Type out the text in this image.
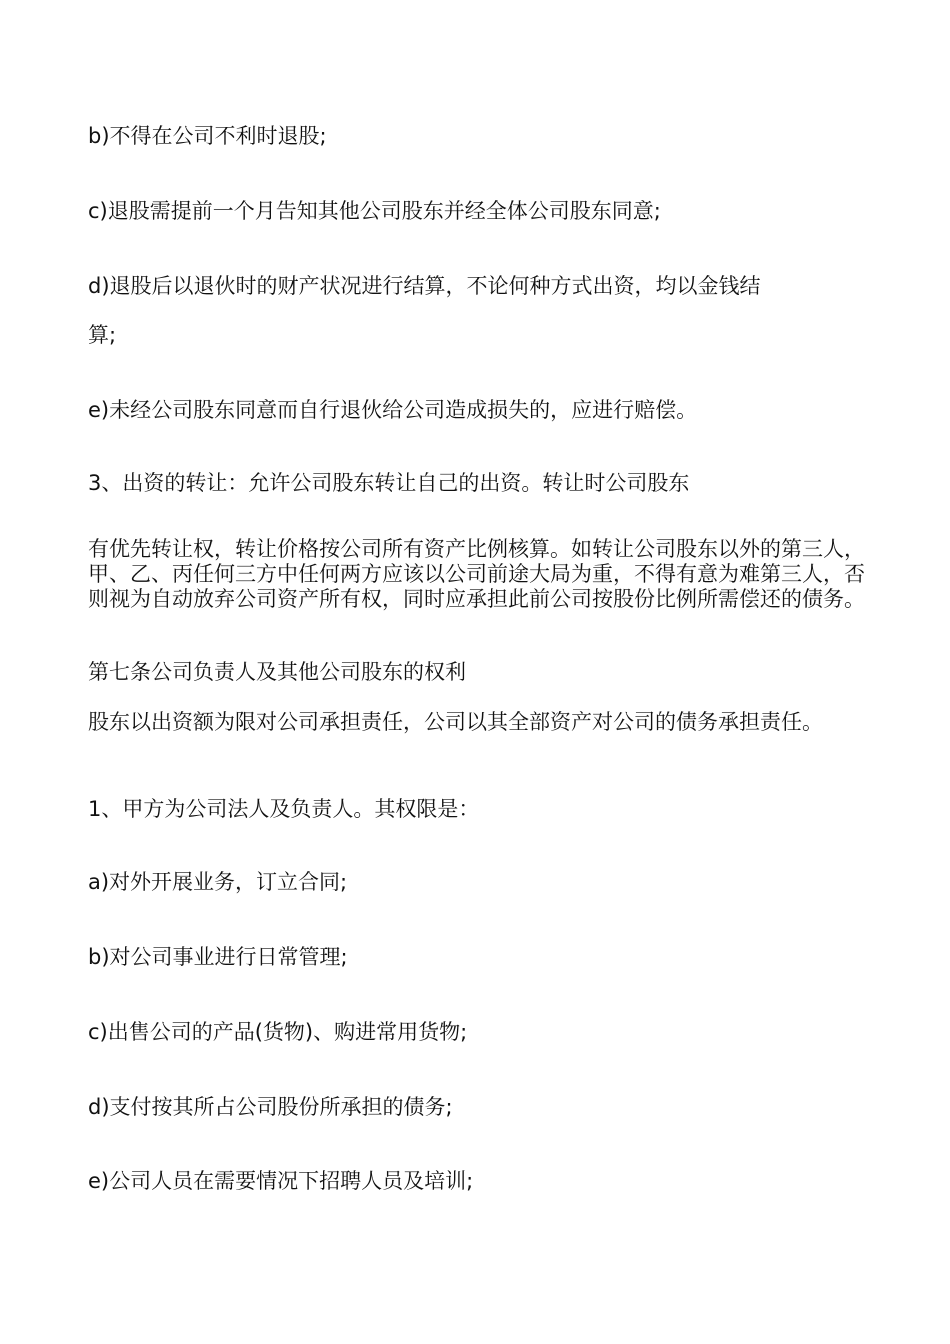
b)不得在公司不利时退股;

c)退股需提前一个月告知其他公司股东并经全体公司股东同意;

d)退股后以退伙时的财产状况进行结算，不论何种方式出资，均以金钱结

算;

e)未经公司股东同意而自行退伙给公司造成损失的，应进行赔偿。

3、出资的转让：允许公司股东转让自己的出资。转让时公司股东

有优先转让权，转让价格按公司所有资产比例核算。如转让公司股东以外的第三人，甲、乙、丙任何三方中任何两方应该以公司前途大局为重，不得有意为难第三人，否则视为自动放弃公司资产所有权，同时应承担此前公司按股份比例所需偿还的债务。

第七条公司负责人及其他公司股东的权利

股东以出资额为限对公司承担责任，公司以其全部资产对公司的债务承担责任。

1、甲方为公司法人及负责人。其权限是：

a)对外开展业务，订立合同;

b)对公司事业进行日常管理;

c)出售公司的产品(货物)、购进常用货物;

d)支付按其所占公司股份所承担的债务;

e)公司人员在需要情况下招聘人员及培训;
